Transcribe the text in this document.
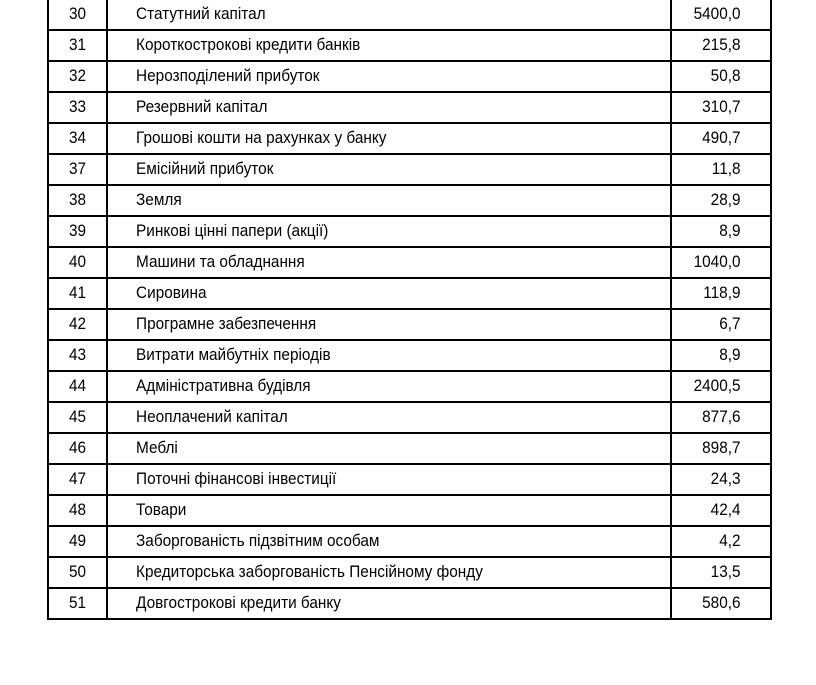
30	Статутний капітал	5400,0
31	Короткострокові кредити банків	215,8
32	Нерозподілений прибуток	50,8
33	Резервний капітал	310,7
34	Грошові кошти на рахунках у банку	490,7
37	Емісійний прибуток	11,8
38	Земля	28,9
39	Ринкові цінні папери (акції)	8,9
40	Машини та обладнання	1040,0
41	Сировина	118,9
42	Програмне забезпечення	6,7
43	Витрати майбутніх періодів	8,9
44	Адміністративна будівля	2400,5
45	Неоплачений капітал	877,6
46	Меблі	898,7
47	Поточні фінансові інвестиції	24,3
48	Товари	42,4
49	Заборгованість підзвітним особам	4,2
50	Кредиторська заборгованість Пенсійному фонду	13,5
51	Довгострокові кредити банку	580,6
